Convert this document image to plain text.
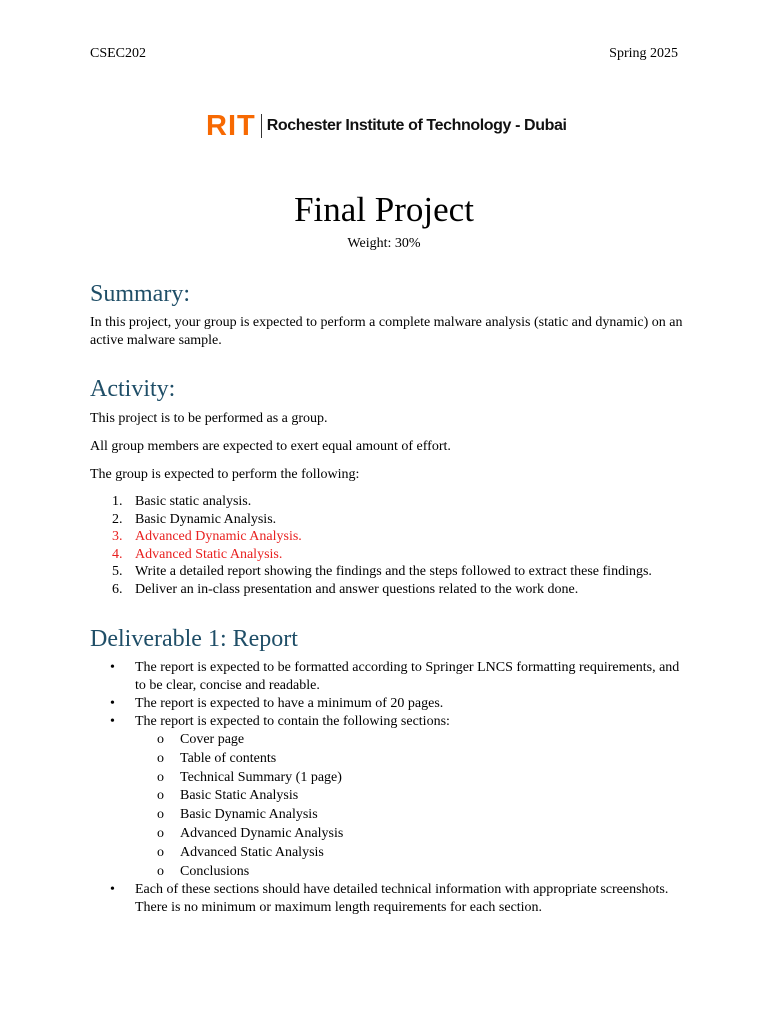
CSEC202	Spring 2025
RIT Rochester Institute of Technology - Dubai
Final Project
Weight: 30%
Summary:

In this project, your group is expected to perform a complete malware analysis (static and dynamic) on an active malware sample.

Activity:

This project is to be performed as a group.

All group members are expected to exert equal amount of effort.

The group is expected to perform the following:

1. Basic static analysis.
2. Basic Dynamic Analysis.
3. Advanced Dynamic Analysis.
4. Advanced Static Analysis.
5. Write a detailed report showing the findings and the steps followed to extract these findings.
6. Deliver an in-class presentation and answer questions related to the work done.
Deliverable 1: Report
• The report is expected to be formatted according to Springer LNCS formatting requirements, and to be clear, concise and readable.
• The report is expected to have a minimum of 20 pages.
• The report is expected to contain the following sections:
o Cover page
o Table of contents
o Technical Summary (1 page)
o Basic Static Analysis
o Basic Dynamic Analysis
o Advanced Dynamic Analysis
o Advanced Static Analysis
o Conclusions
• Each of these sections should have detailed technical information with appropriate screenshots. There is no minimum or maximum length requirements for each section.
